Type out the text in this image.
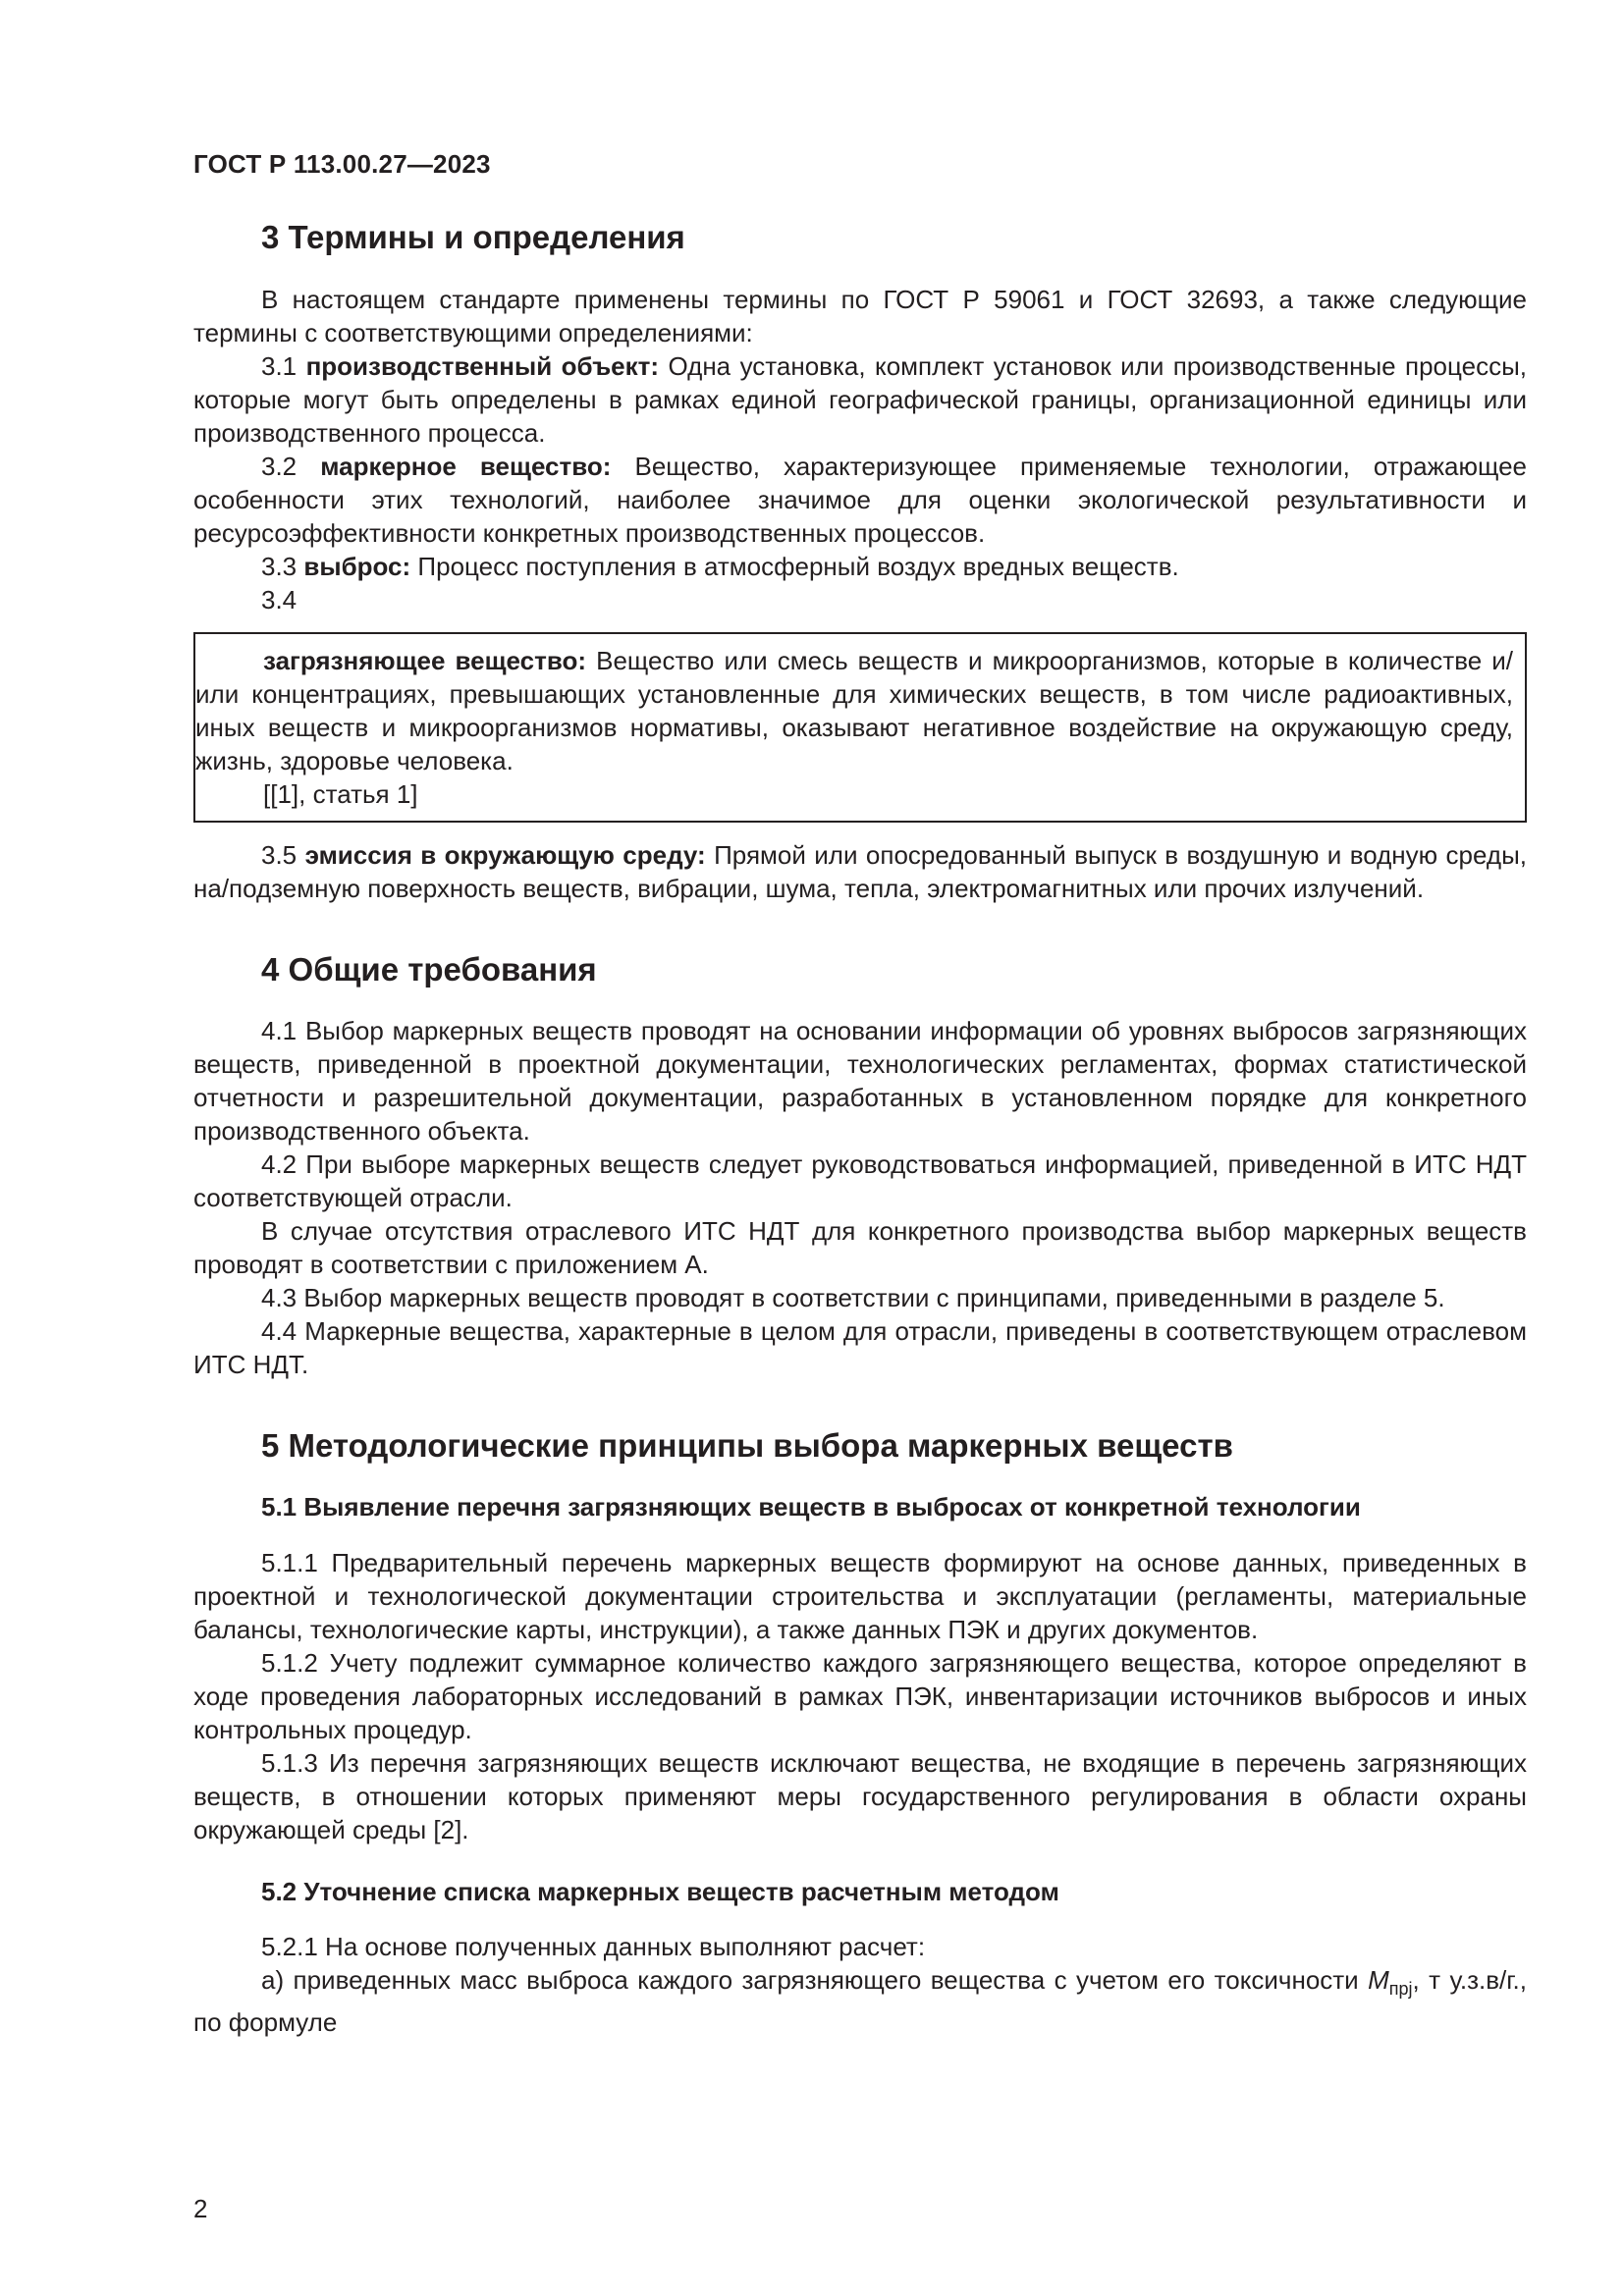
ГОСТ Р 113.00.27—2023
3 Термины и определения

В настоящем стандарте применены термины по ГОСТ Р 59061 и ГОСТ 32693, а также следующие термины с соответствующими определениями:

3.1 производственный объект: Одна установка, комплект установок или производственные процессы, которые могут быть определены в рамках единой географической границы, организационной единицы или производственного процесса.

3.2 маркерное вещество: Вещество, характеризующее применяемые технологии, отражающее особенности этих технологий, наиболее значимое для оценки экологической результативности и ресурсоэффективности конкретных производственных процессов.

3.3 выброс: Процесс поступления в атмосферный воздух вредных веществ.

3.4

загрязняющее вещество: Вещество или смесь веществ и микроорганизмов, которые в количестве и/или концентрациях, превышающих установленные для химических веществ, в том числе радиоактивных, иных веществ и микроорганизмов нормативы, оказывают негативное воздействие на окружающую среду, жизнь, здоровье человека.

[[1], статья 1]

3.5 эмиссия в окружающую среду: Прямой или опосредованный выпуск в воздушную и водную среды, на/подземную поверхность веществ, вибрации, шума, тепла, электромагнитных или прочих излучений.

4 Общие требования

4.1 Выбор маркерных веществ проводят на основании информации об уровнях выбросов загрязняющих веществ, приведенной в проектной документации, технологических регламентах, формах статистической отчетности и разрешительной документации, разработанных в установленном порядке для конкретного производственного объекта.

4.2 При выборе маркерных веществ следует руководствоваться информацией, приведенной в ИТС НДТ соответствующей отрасли.

В случае отсутствия отраслевого ИТС НДТ для конкретного производства выбор маркерных веществ проводят в соответствии с приложением А.

4.3 Выбор маркерных веществ проводят в соответствии с принципами, приведенными в разделе 5.

4.4 Маркерные вещества, характерные в целом для отрасли, приведены в соответствующем отраслевом ИТС НДТ.

5 Методологические принципы выбора маркерных веществ
5.1 Выявление перечня загрязняющих веществ в выбросах от конкретной технологии

5.1.1 Предварительный перечень маркерных веществ формируют на основе данных, приведенных в проектной и технологической документации строительства и эксплуатации (регламенты, материальные балансы, технологические карты, инструкции), а также данных ПЭК и других документов.

5.1.2 Учету подлежит суммарное количество каждого загрязняющего вещества, которое определяют в ходе проведения лабораторных исследований в рамках ПЭК, инвентаризации источников выбросов и иных контрольных процедур.

5.1.3 Из перечня загрязняющих веществ исключают вещества, не входящие в перечень загрязняющих веществ, в отношении которых применяют меры государственного регулирования в области охраны окружающей среды [2].

5.2 Уточнение списка маркерных веществ расчетным методом

5.2.1 На основе полученных данных выполняют расчет:

а) приведенных масс выброса каждого загрязняющего вещества с учетом его токсичности $M_{прj}$, т у.з.в/г., по формуле

2
